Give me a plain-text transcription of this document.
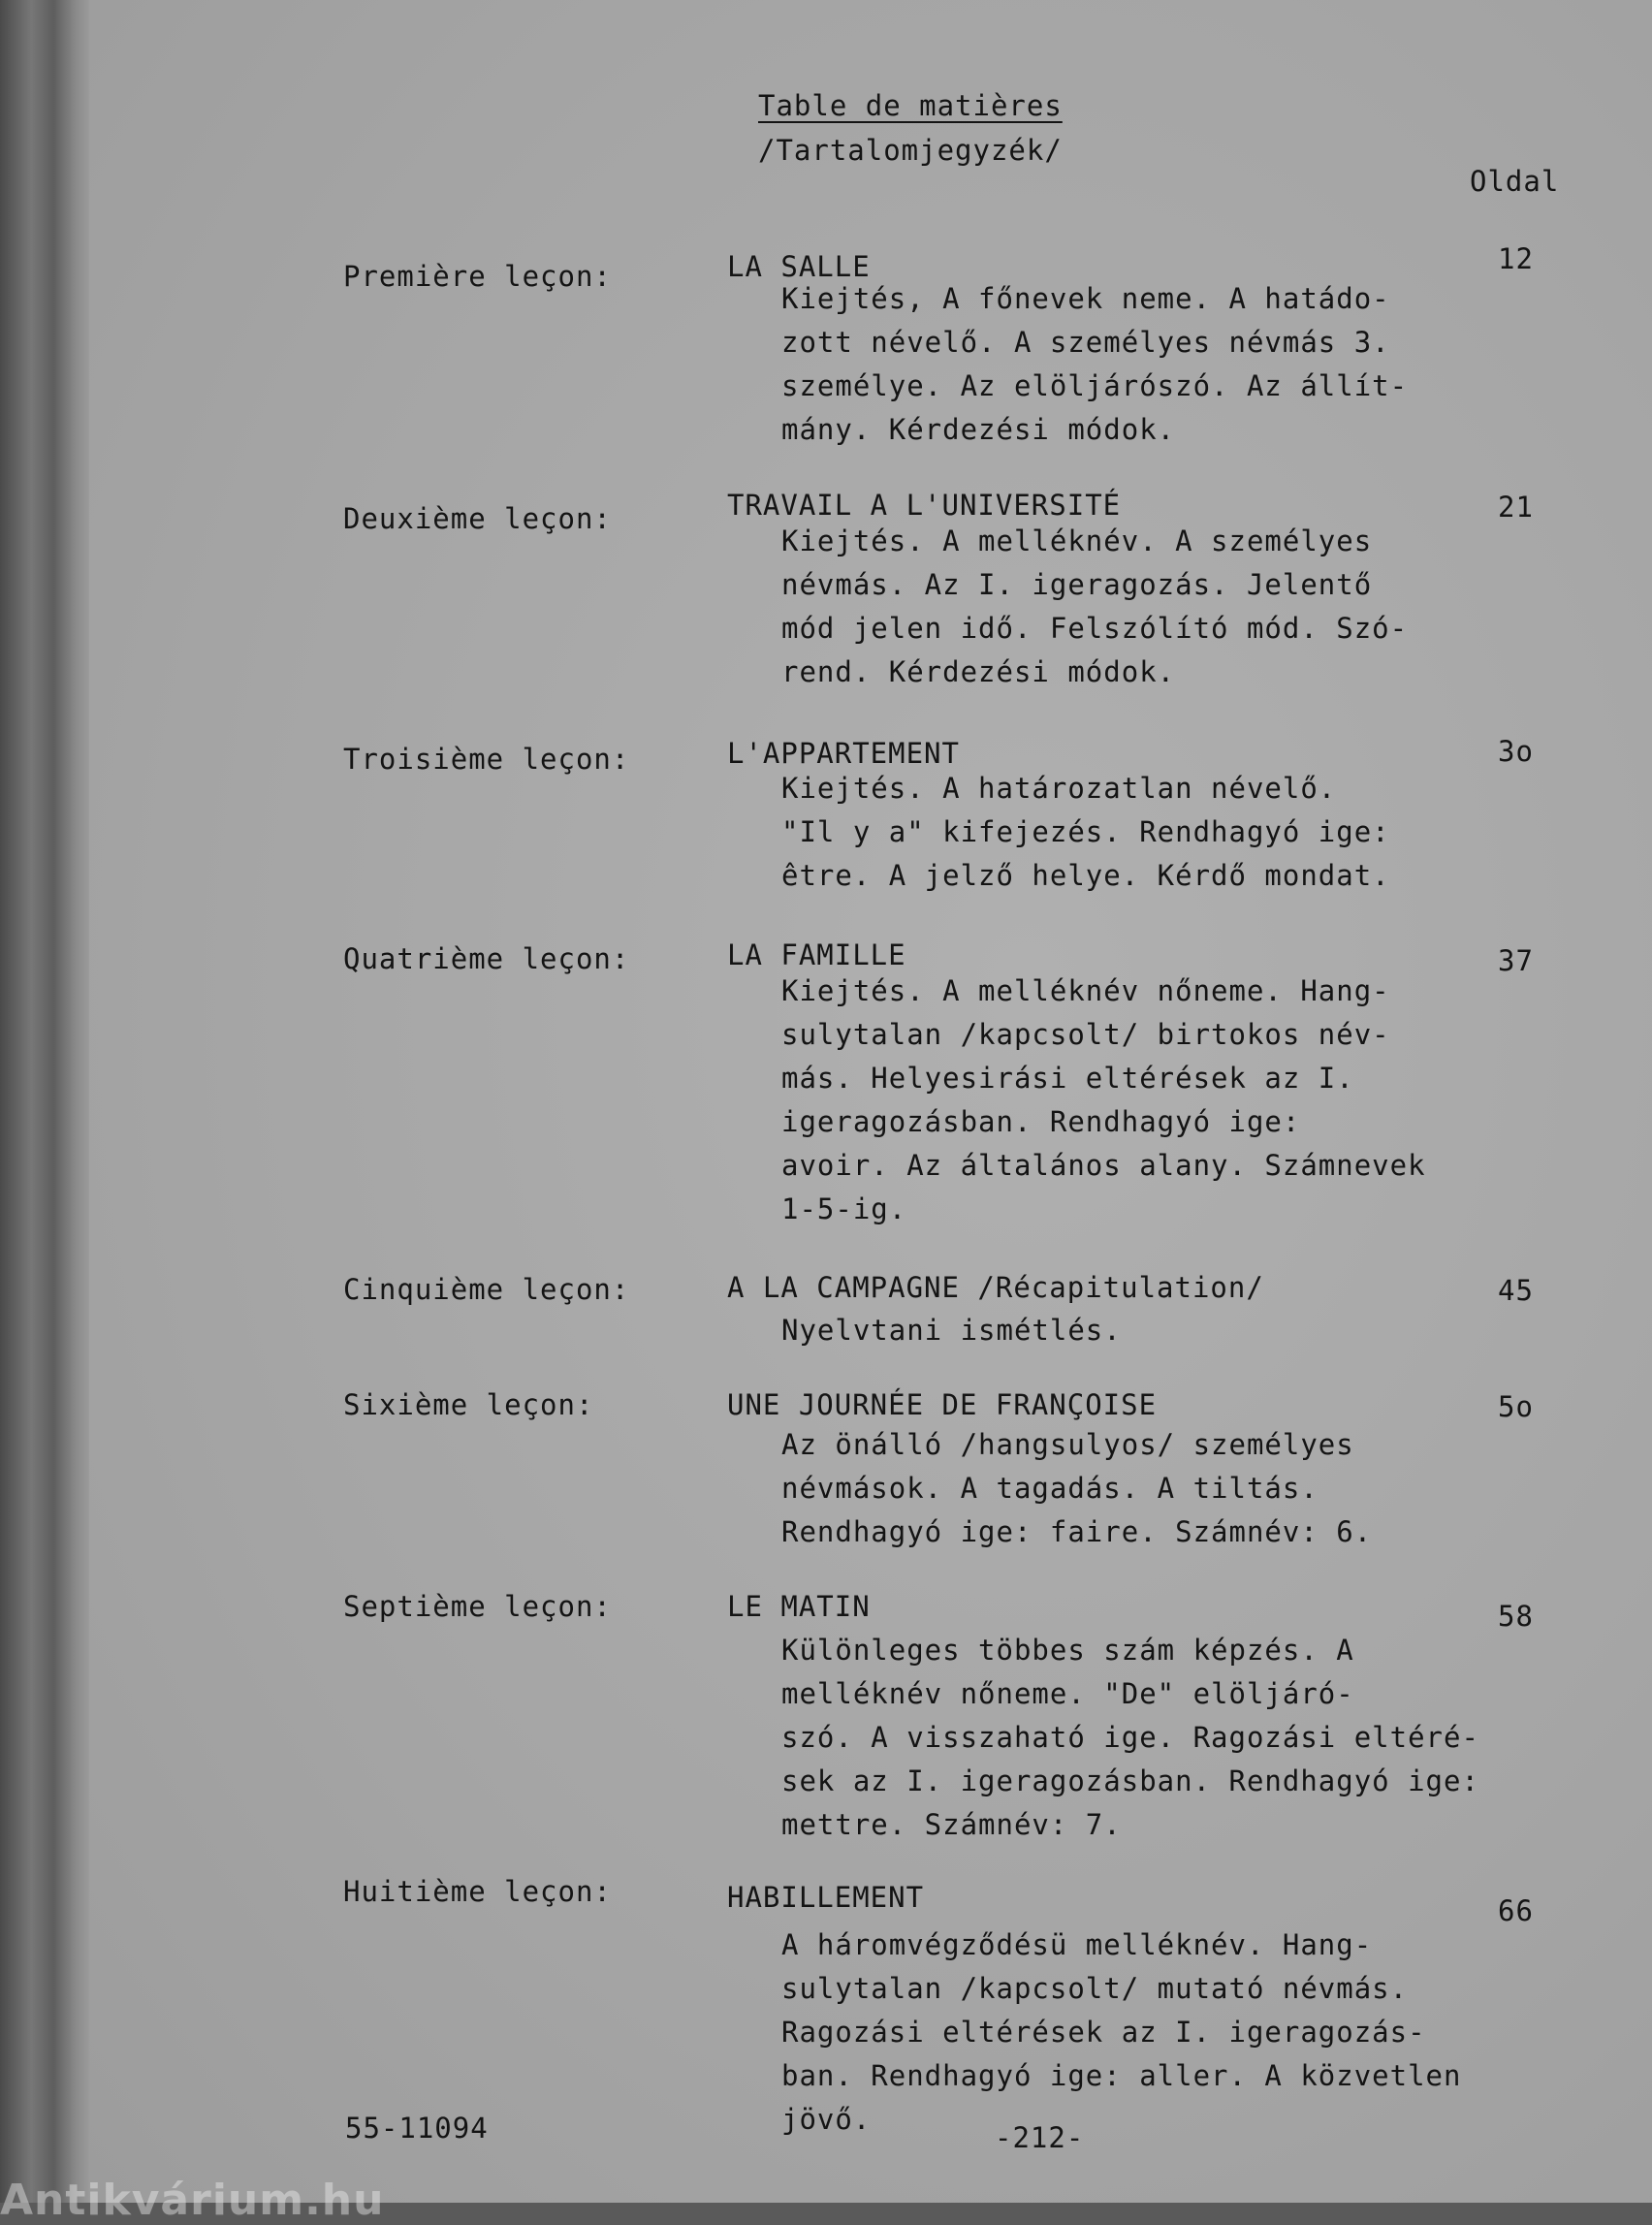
Table de matières

/Tartalomjegyzék/

Oldal

Première leçon:	LA SALLE

Kiejtés, A főnevek neme. A hatádo-
zott névelő. A személyes névmás 3.
személye. Az elöljárószó. Az állít-
mány. Kérdezési módok.

12

Deuxième leçon:	TRAVAIL A L'UNIVERSITÉ

Kiejtés. A melléknév. A személyes
névmás. Az I. igeragozás. Jelentő
mód jelen idő. Felszólító mód. Szó-
rend. Kérdezési módok.

21

Troisième leçon:	L'APPARTEMENT

Kiejtés. A határozatlan névelő.
"Il y a" kifejezés. Rendhagyó ige:
être. A jelző helye. Kérdő mondat.

3o

Quatrième leçon:	LA FAMILLE

Kiejtés. A melléknév nőneme. Hang-
sulytalan /kapcsolt/ birtokos név-
más. Helyesirási eltérések az I.
igeragozásban. Rendhagyó ige:
avoir. Az általános alany. Számnevek
1-5-ig.

37

Cinquième leçon:	A LA CAMPAGNE /Récapitulation/

Nyelvtani ismétlés.

45

Sixième leçon:	UNE JOURNÉE DE FRANÇOISE

Az önálló /hangsulyos/ személyes
névmások. A tagadás. A tiltás.
Rendhagyó ige: faire. Számnév: 6.

5o

Septième leçon:	LE MATIN

Különleges többes szám képzés. A
melléknév nőneme. "De" elöljáró-
szó. A visszaható ige. Ragozási eltéré-
sek az I. igeragozásban. Rendhagyó ige:
mettre. Számnév: 7.

58

Huitième leçon:	HABILLEMENT

A háromvégződésü melléknév. Hang-
sulytalan /kapcsolt/ mutató névmás.
Ragozási eltérések az I. igeragozás-
ban. Rendhagyó ige: aller. A közvetlen
jövő.

66

55-11094	-212-

Antikvárium.hu
